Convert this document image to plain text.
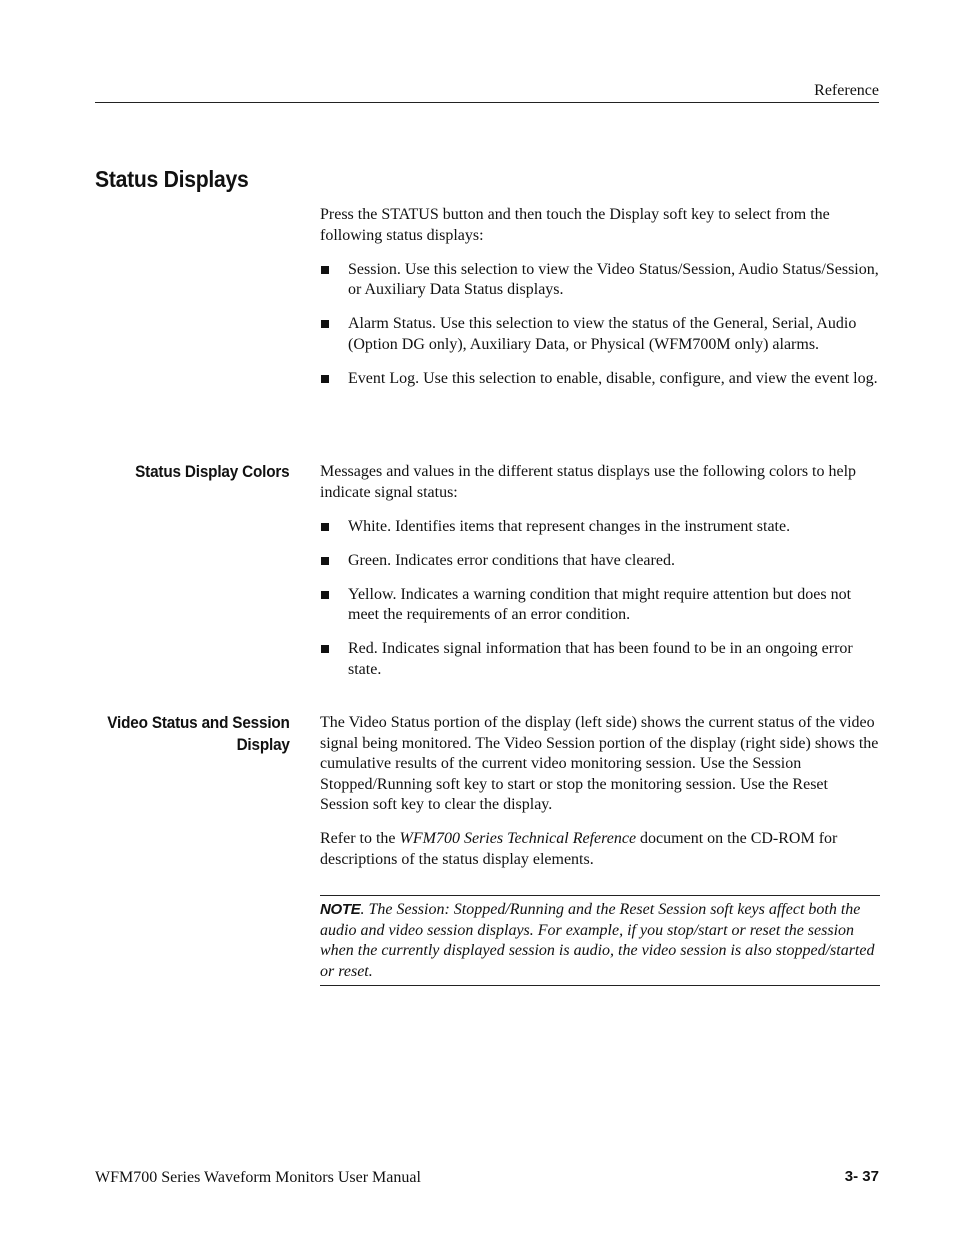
Reference
Status Displays

Press the STATUS button and then touch the Display soft key to select from the following status displays:

Session. Use this selection to view the Video Status/Session, Audio Status/Session, or Auxiliary Data Status displays.
Alarm Status. Use this selection to view the status of the General, Serial, Audio (Option DG only), Auxiliary Data, or Physical (WFM700M only) alarms.
Event Log. Use this selection to enable, disable, configure, and view the event log.
Status Display Colors Messages and values in the different status displays use the following colors to help indicate signal status:

White. Identifies items that represent changes in the instrument state.
Green. Indicates error conditions that have cleared.
Yellow. Indicates a warning condition that might require attention but does not meet the requirements of an error condition.
Red. Indicates signal information that has been found to be in an ongoing error state.
Video Status and Session
Display

The Video Status portion of the display (left side) shows the current status of the video signal being monitored. The Video Session portion of the display (right side) shows the cumulative results of the current video monitoring session. Use the Session Stopped/Running soft key to start or stop the monitoring session. Use the Reset Session soft key to clear the display.

Refer to the WFM700 Series Technical Reference document on the CD-ROM for descriptions of the status display elements.

NOTE. The Session: Stopped/Running and the Reset Session soft keys affect both the audio and video session displays. For example, if you stop/start or reset the session when the currently displayed session is audio, the video session is also stopped/started or reset.

WFM700 Series Waveform Monitors User Manual	3- 37
